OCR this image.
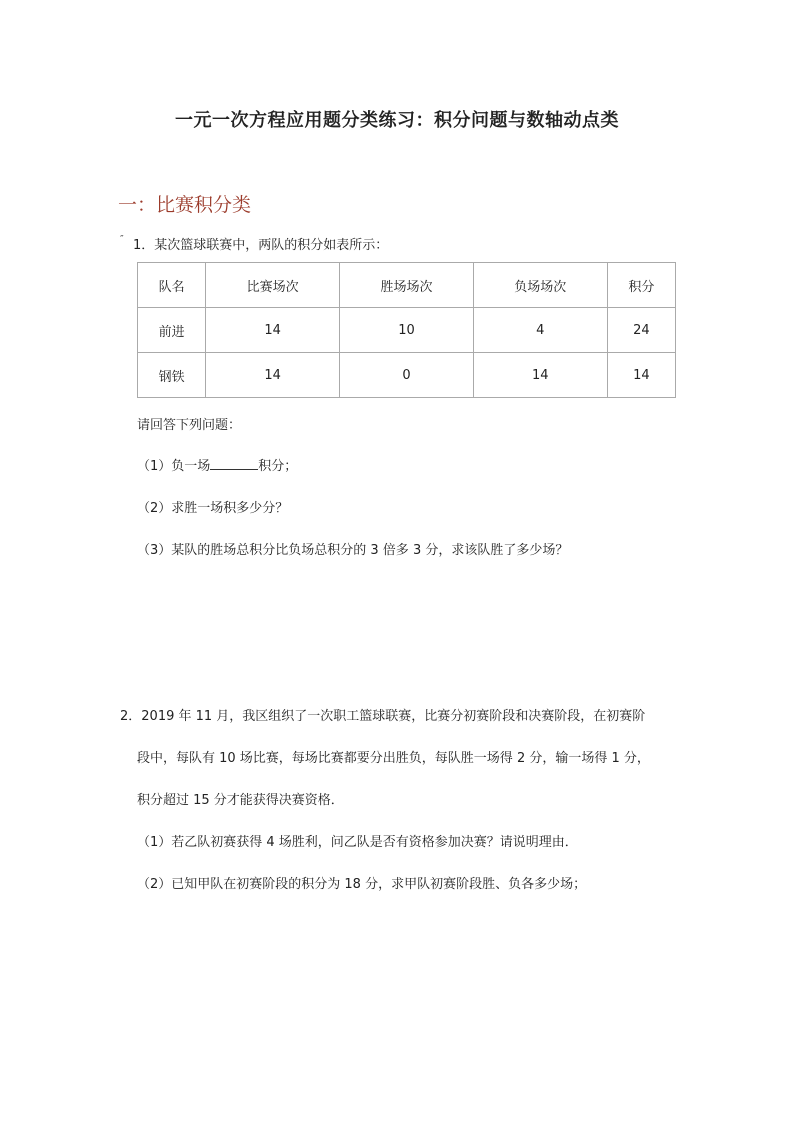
一元一次方程应用题分类练习：积分问题与数轴动点类
一：比赛积分类
″ 1．某次篮球联赛中，两队的积分如表所示：
队名	比赛场次	胜场场次	负场场次	积分
前进	14	10	4	24
钢铁	14	0	14	14
请回答下列问题：
（1）负一场	积分；
（2）求胜一场积多少分？
（3）某队的胜场总积分比负场总积分的 3 倍多 3 分，求该队胜了多少场？
2．2019 年 11 月，我区组织了一次职工篮球联赛，比赛分初赛阶段和决赛阶段，在初赛阶
段中，每队有 10 场比赛，每场比赛都要分出胜负，每队胜一场得 2 分，输一场得 1 分，
积分超过 15 分才能获得决赛资格．
（1）若乙队初赛获得 4 场胜利，问乙队是否有资格参加决赛？请说明理由．
（2）已知甲队在初赛阶段的积分为 18 分，求甲队初赛阶段胜、负各多少场；
